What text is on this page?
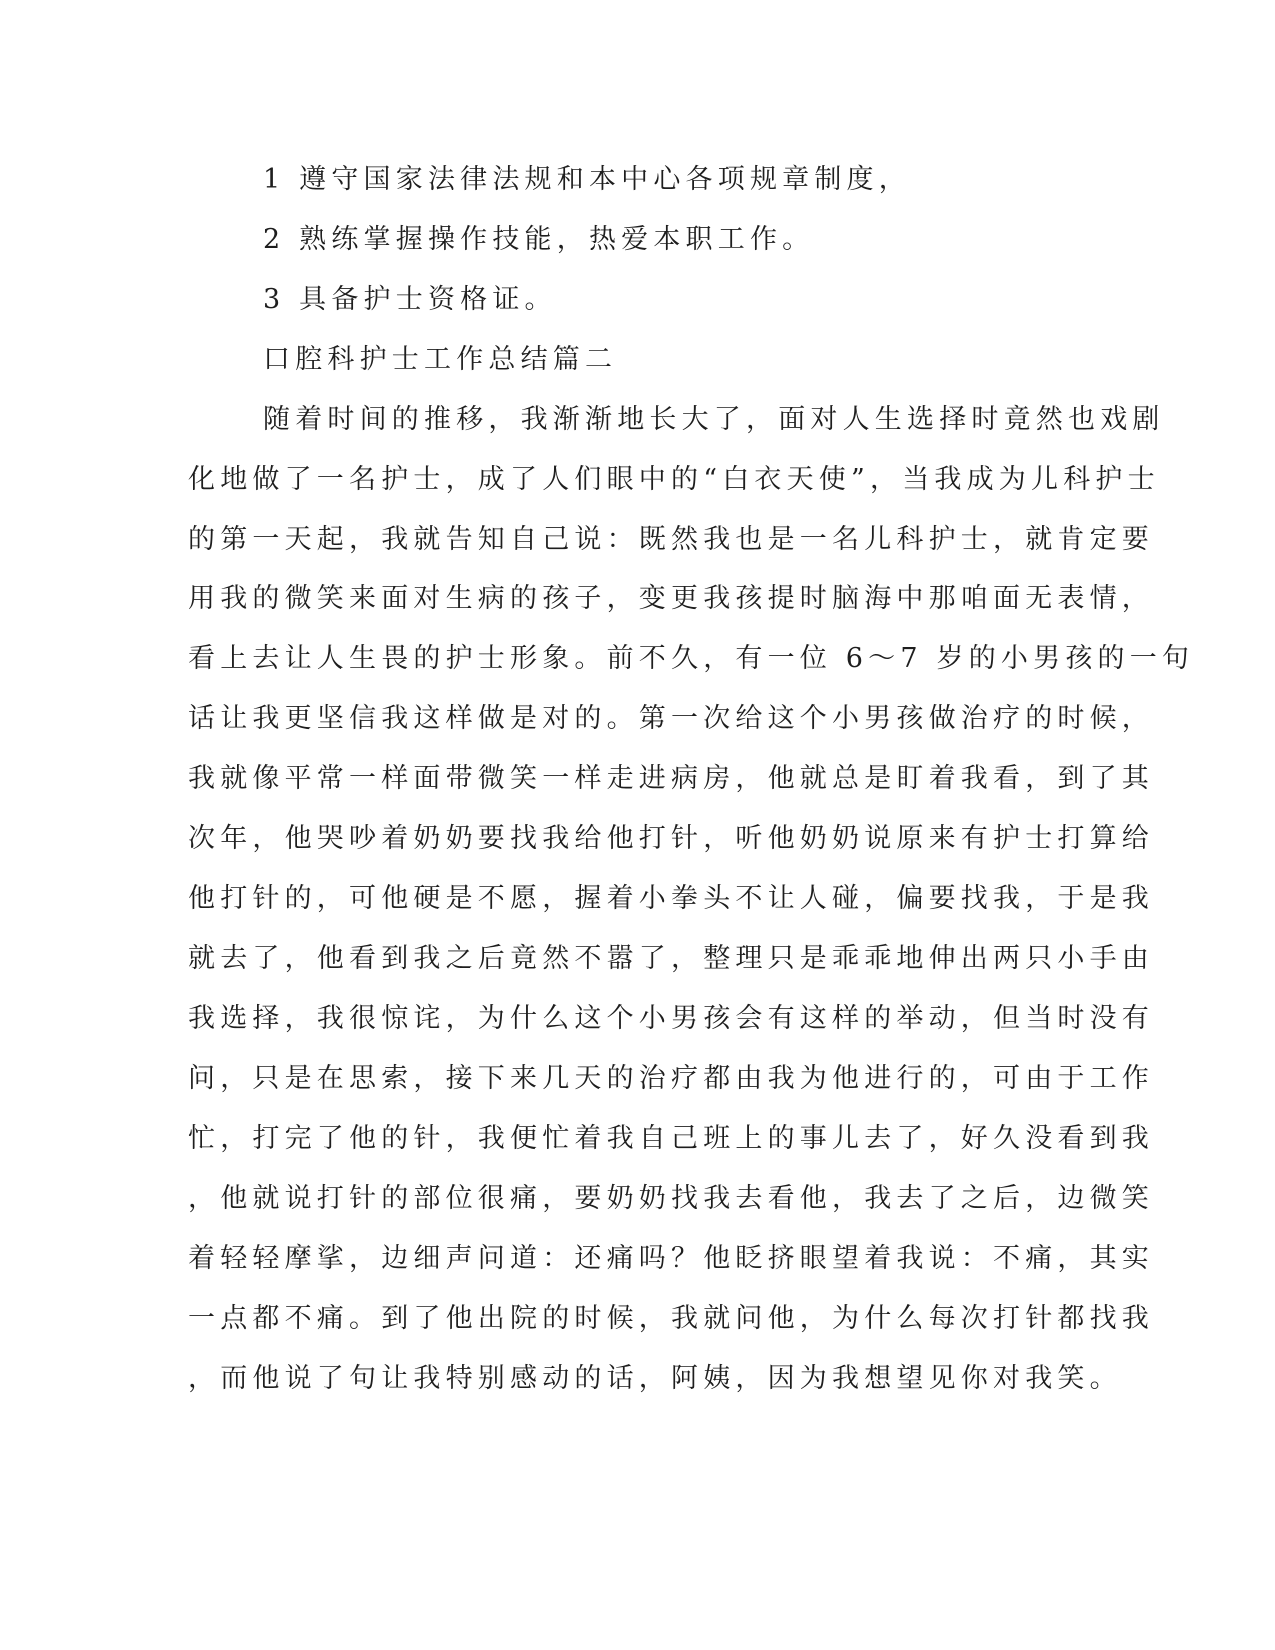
1 遵守国家法律法规和本中心各项规章制度，

2 熟练掌握操作技能，热爱本职工作。

3 具备护士资格证。

口腔科护士工作总结篇二

随着时间的推移，我渐渐地长大了，面对人生选择时竟然也戏剧

化地做了一名护士，成了人们眼中的“白衣天使”，当我成为儿科护士

的第一天起，我就告知自己说：既然我也是一名儿科护士，就肯定要

用我的微笑来面对生病的孩子，变更我孩提时脑海中那咱面无表情，

看上去让人生畏的护士形象。前不久，有一位 6～7 岁的小男孩的一句

话让我更坚信我这样做是对的。第一次给这个小男孩做治疗的时候，

我就像平常一样面带微笑一样走进病房，他就总是盯着我看，到了其

次年，他哭吵着奶奶要找我给他打针，听他奶奶说原来有护士打算给

他打针的，可他硬是不愿，握着小拳头不让人碰，偏要找我，于是我

就去了，他看到我之后竟然不嚣了，整理只是乖乖地伸出两只小手由

我选择，我很惊诧，为什么这个小男孩会有这样的举动，但当时没有

问，只是在思索，接下来几天的治疗都由我为他进行的，可由于工作

忙，打完了他的针，我便忙着我自己班上的事儿去了，好久没看到我

，他就说打针的部位很痛，要奶奶找我去看他，我去了之后，边微笑

着轻轻摩挲，边细声问道：还痛吗？他眨挤眼望着我说：不痛，其实

一点都不痛。到了他出院的时候，我就问他，为什么每次打针都找我

，而他说了句让我特别感动的话，阿姨，因为我想望见你对我笑。
